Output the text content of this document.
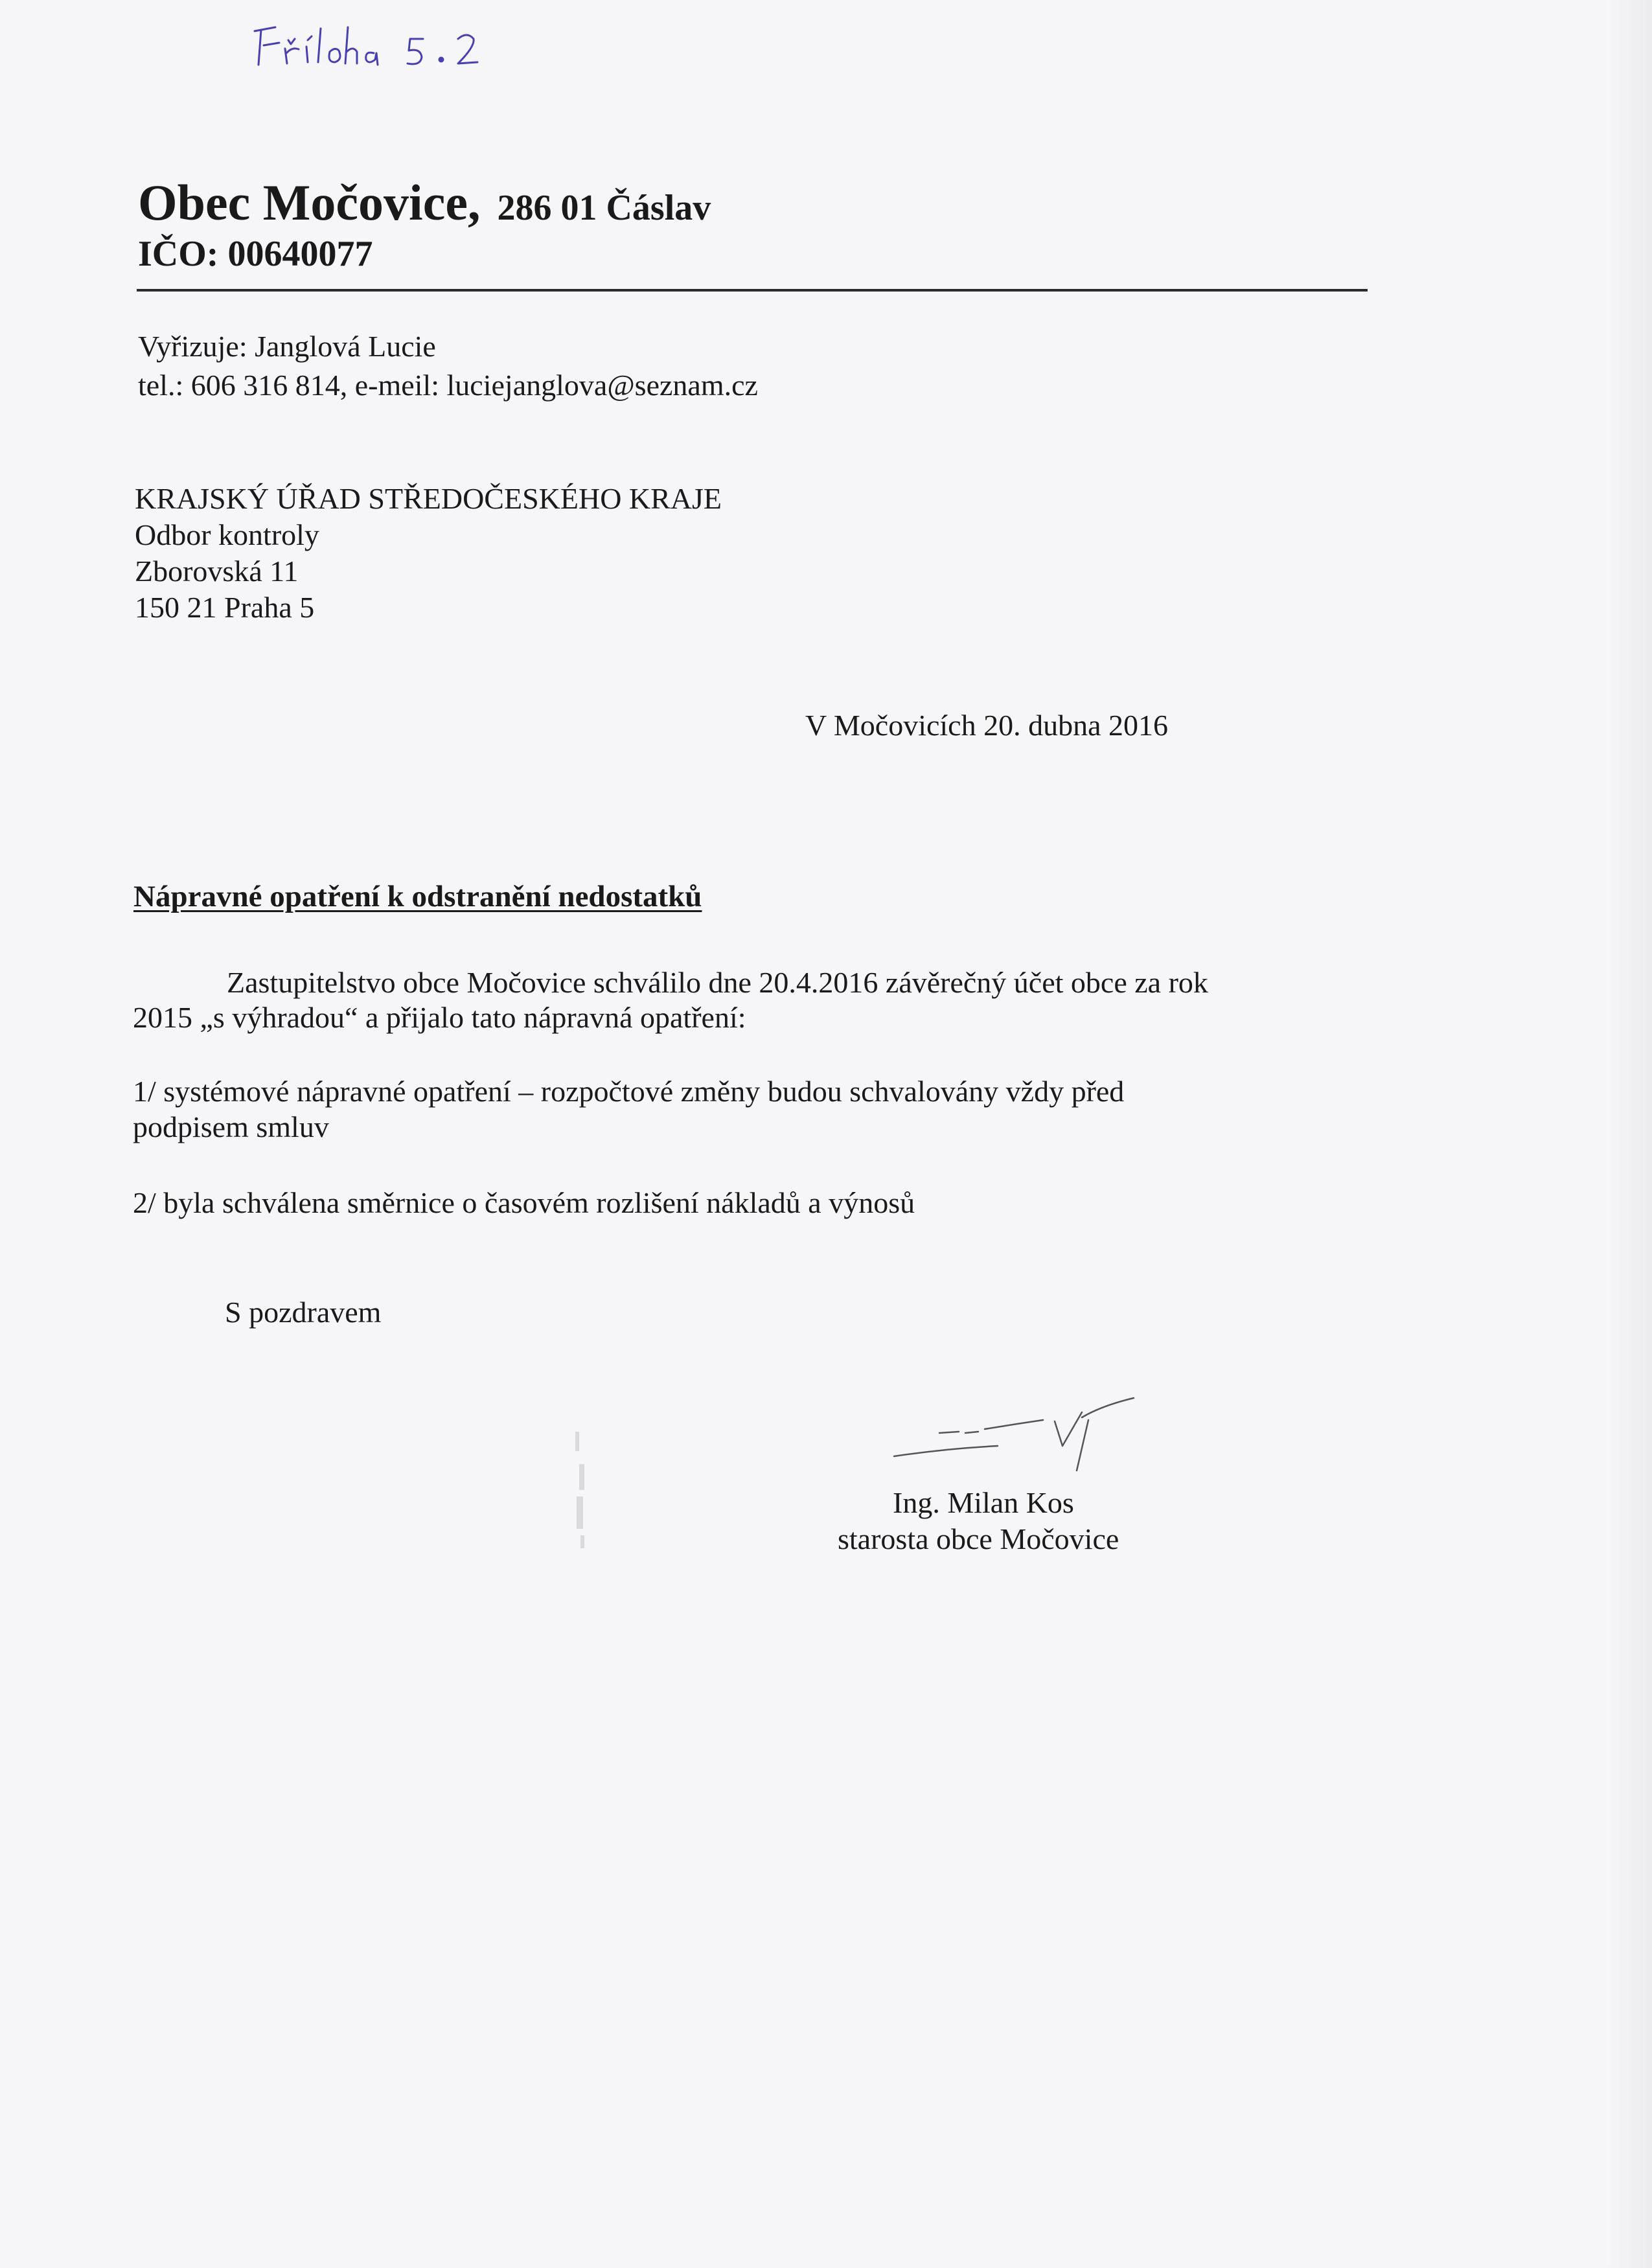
Obec Močovice, 286 01 Čáslav
IČO: 00640077
Vyřizuje: Janglová Lucie
tel.: 606 316 814, e-meil: luciejanglova@seznam.cz
KRAJSKÝ ÚŘAD STŘEDOČESKÉHO KRAJE
Odbor kontroly
Zborovská 11
150 21 Praha 5
V Močovicích 20. dubna 2016
Nápravné opatření k odstranění nedostatků
Zastupitelstvo obce Močovice schválilo dne 20.4.2016 závěrečný účet obce za rok
2015 „s výhradou“ a přijalo tato nápravná opatření:
1/ systémové nápravné opatření – rozpočtové změny budou schvalovány vždy před
podpisem smluv
2/ byla schválena směrnice o časovém rozlišení nákladů a výnosů
S pozdravem
Ing. Milan Kos
starosta obce Močovice
